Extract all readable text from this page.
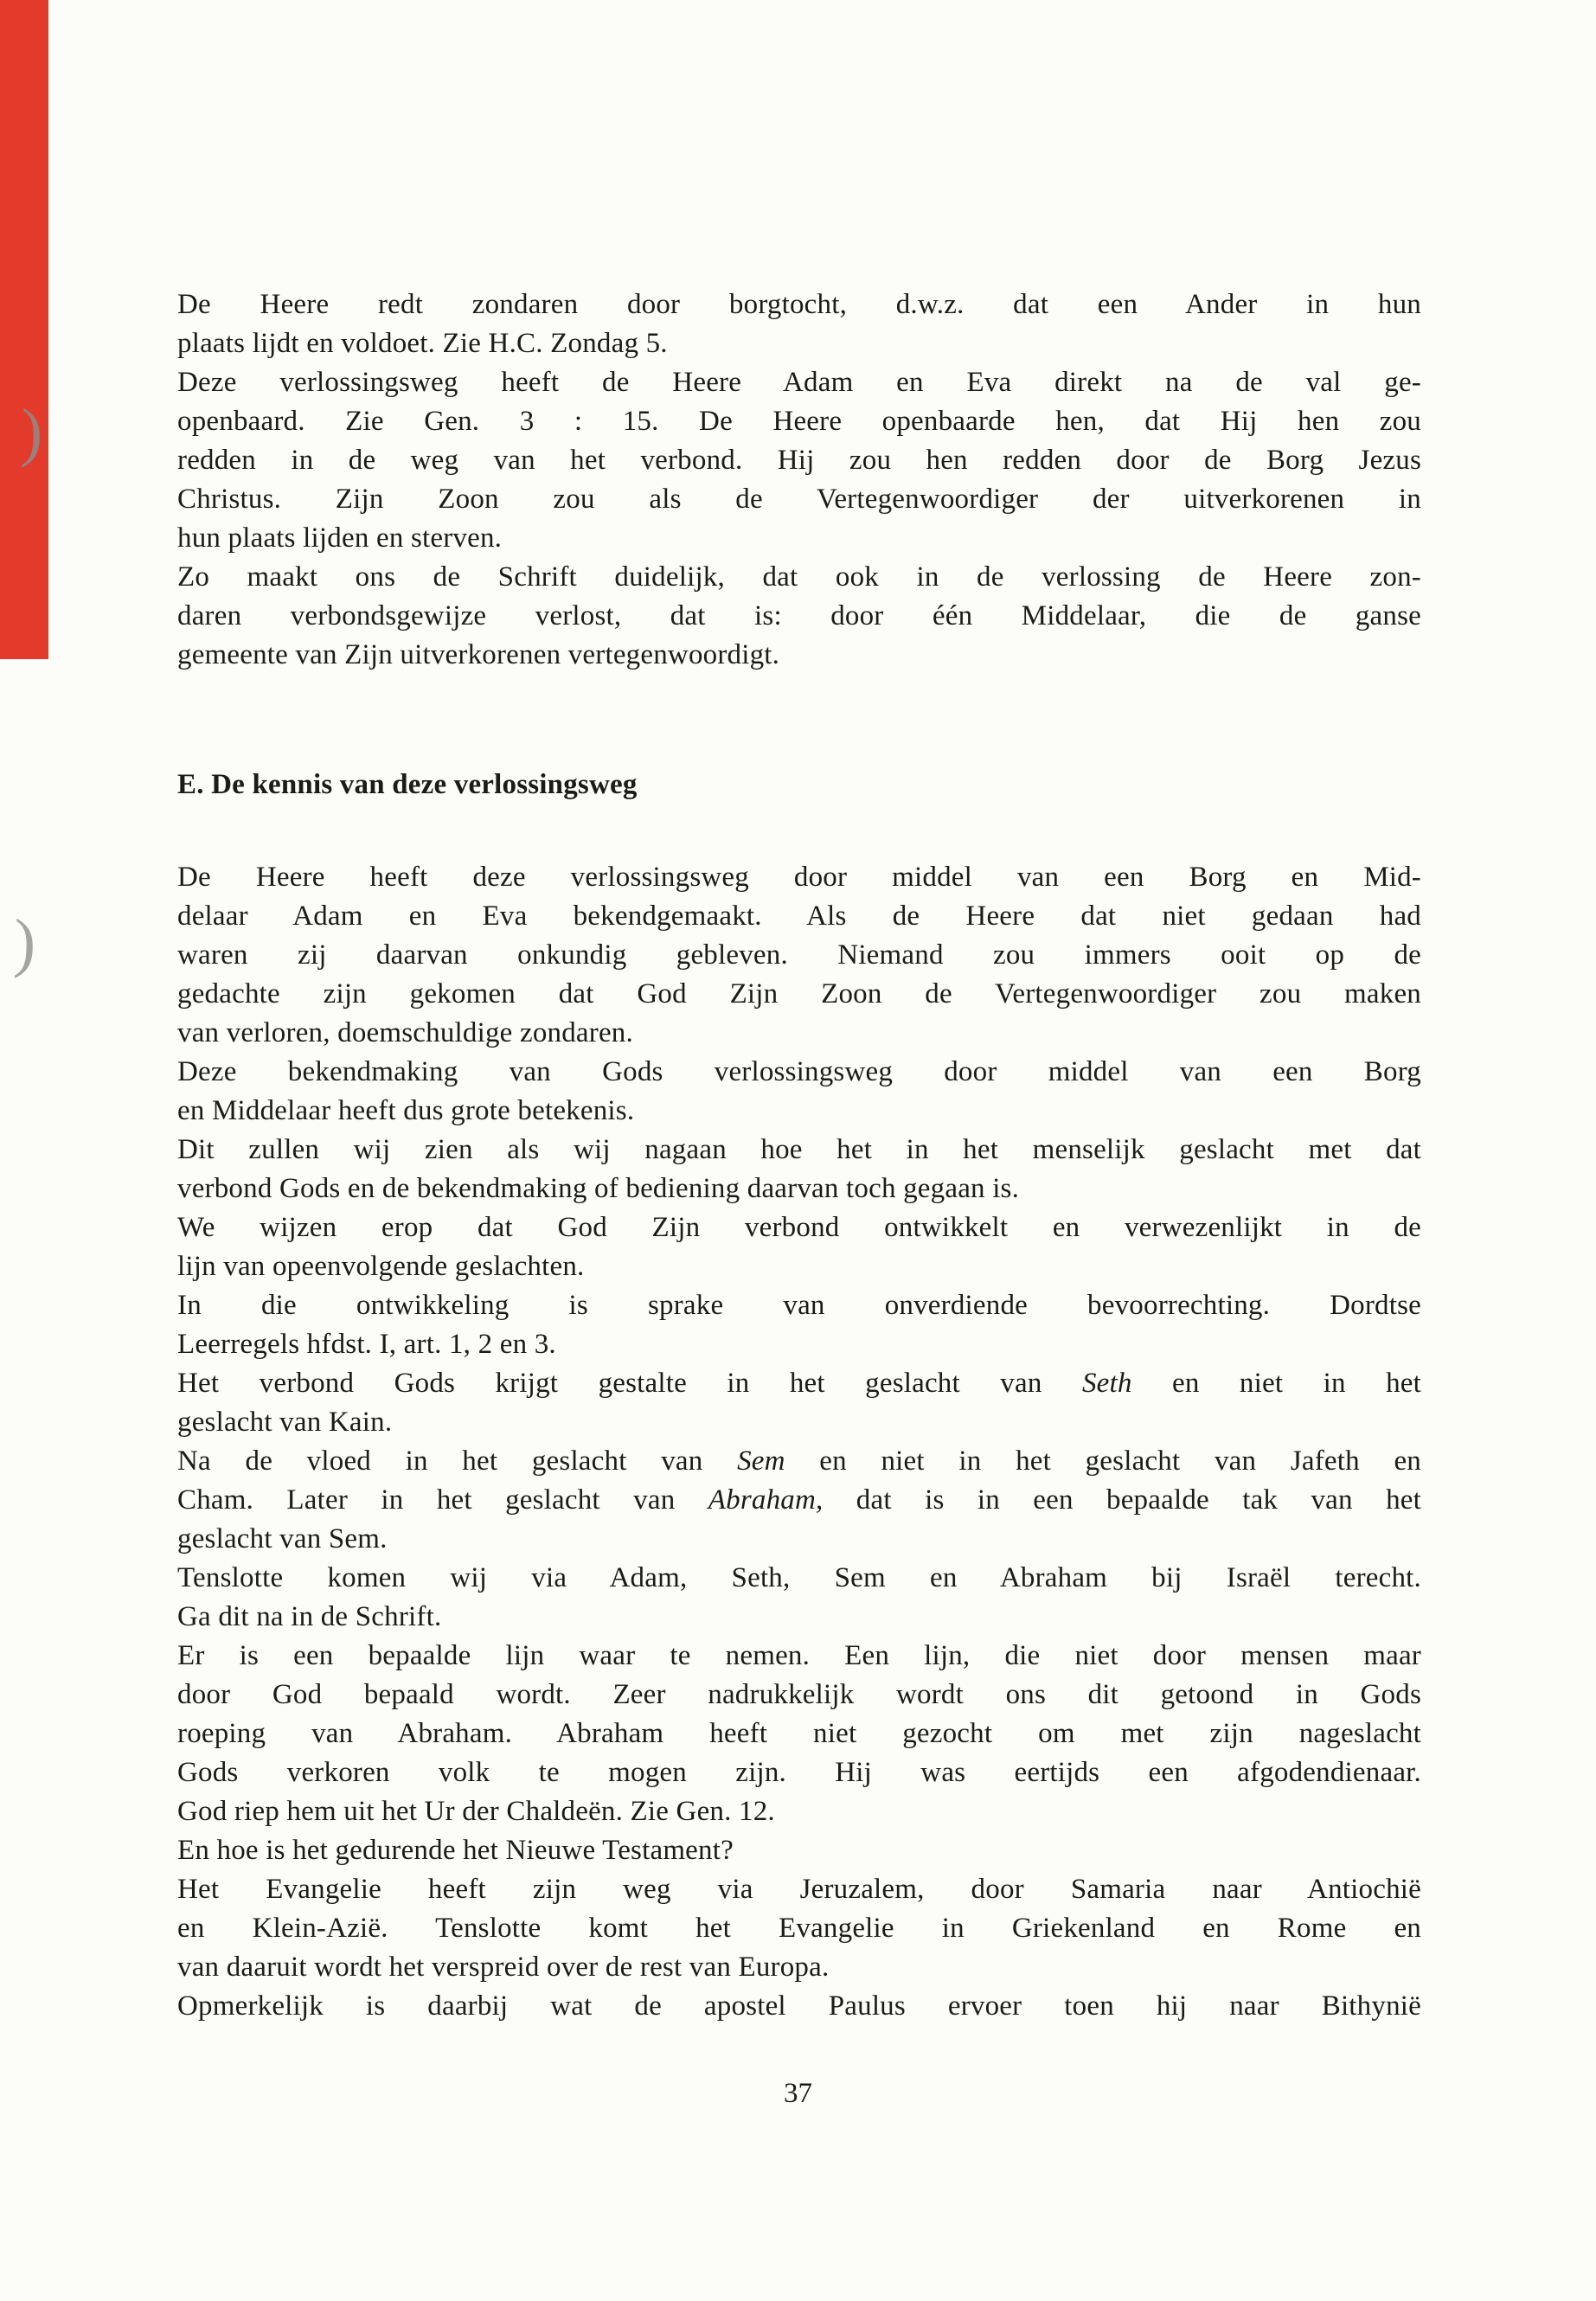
)
)
De Heere redt zondaren door borgtocht, d.w.z. dat een Ander in hun
plaats lijdt en voldoet. Zie H.C. Zondag 5.
Deze verlossingsweg heeft de Heere Adam en Eva direkt na de val ge-
openbaard. Zie Gen. 3 : 15. De Heere openbaarde hen, dat Hij hen zou
redden in de weg van het verbond. Hij zou hen redden door de Borg Jezus
Christus. Zijn Zoon zou als de Vertegenwoordiger der uitverkorenen in
hun plaats lijden en sterven.
Zo maakt ons de Schrift duidelijk, dat ook in de verlossing de Heere zon-
daren verbondsgewijze verlost, dat is: door één Middelaar, die de ganse
gemeente van Zijn uitverkorenen vertegenwoordigt.
E. De kennis van deze verlossingsweg
De Heere heeft deze verlossingsweg door middel van een Borg en Mid-
delaar Adam en Eva bekendgemaakt. Als de Heere dat niet gedaan had
waren zij daarvan onkundig gebleven. Niemand zou immers ooit op de
gedachte zijn gekomen dat God Zijn Zoon de Vertegenwoordiger zou maken
van verloren, doemschuldige zondaren.
Deze bekendmaking van Gods verlossingsweg door middel van een Borg
en Middelaar heeft dus grote betekenis.
Dit zullen wij zien als wij nagaan hoe het in het menselijk geslacht met dat
verbond Gods en de bekendmaking of bediening daarvan toch gegaan is.
We wijzen erop dat God Zijn verbond ontwikkelt en verwezenlijkt in de
lijn van opeenvolgende geslachten.
In die ontwikkeling is sprake van onverdiende bevoorrechting. Dordtse
Leerregels hfdst. I, art. 1, 2 en 3.
Het verbond Gods krijgt gestalte in het geslacht van Seth en niet in het
geslacht van Kain.
Na de vloed in het geslacht van Sem en niet in het geslacht van Jafeth en
Cham. Later in het geslacht van Abraham, dat is in een bepaalde tak van het
geslacht van Sem.
Tenslotte komen wij via Adam, Seth, Sem en Abraham bij Israël terecht.
Ga dit na in de Schrift.
Er is een bepaalde lijn waar te nemen. Een lijn, die niet door mensen maar
door God bepaald wordt. Zeer nadrukkelijk wordt ons dit getoond in Gods
roeping van Abraham. Abraham heeft niet gezocht om met zijn nageslacht
Gods verkoren volk te mogen zijn. Hij was eertijds een afgodendienaar.
God riep hem uit het Ur der Chaldeën. Zie Gen. 12.
En hoe is het gedurende het Nieuwe Testament?
Het Evangelie heeft zijn weg via Jeruzalem, door Samaria naar Antiochië
en Klein-Azië. Tenslotte komt het Evangelie in Griekenland en Rome en
van daaruit wordt het verspreid over de rest van Europa.
Opmerkelijk is daarbij wat de apostel Paulus ervoer toen hij naar Bithynië
37
